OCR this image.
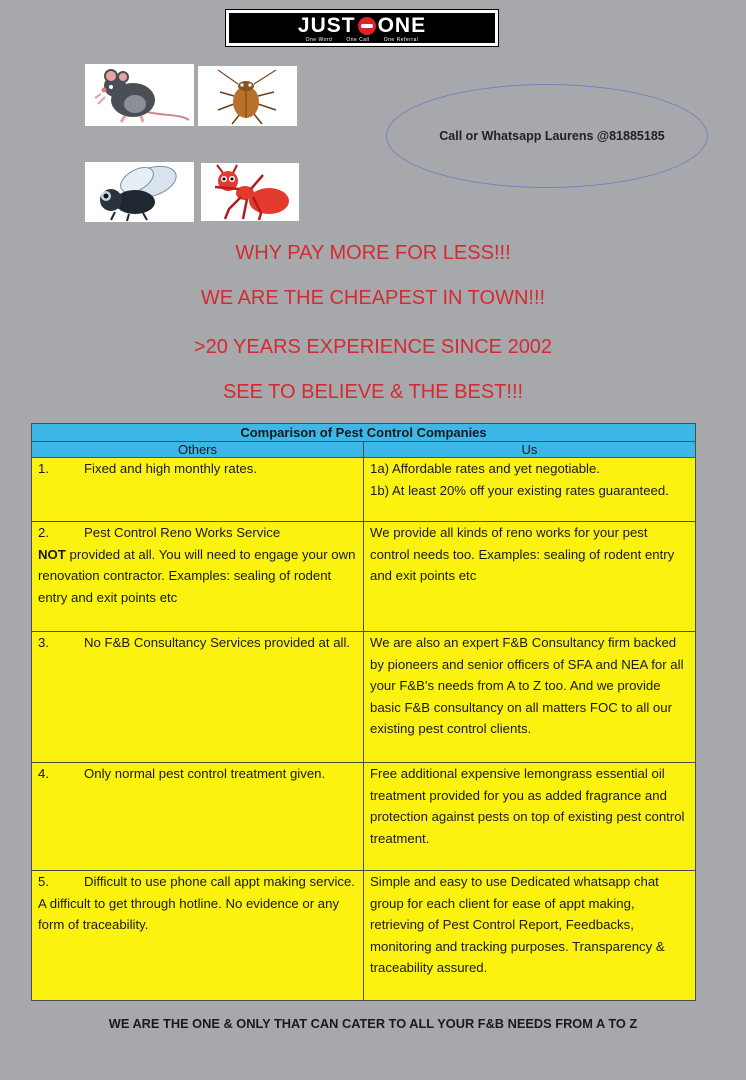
JUST ONE
One Word	One Call	One Referral
Call or Whatsapp Laurens @81885185
WHY PAY MORE FOR LESS!!!
WE ARE THE CHEAPEST IN TOWN!!!
>20 YEARS EXPERIENCE SINCE 2002
SEE TO BELIEVE & THE BEST!!!
Comparison of Pest Control Companies	
Others	Us
1. Fixed and high monthly rates.	1a) Affordable rates and yet negotiable.
1b) At least 20% off your existing rates guaranteed.

2. Pest Control Reno Works Service
NOT provided at all. You will need to engage your own renovation contractor. Examples: sealing of rodent entry and exit points etc	We provide all kinds of reno works for your pest control needs too. Examples: sealing of rodent entry and exit points etc

3. No F&B Consultancy Services provided at all.	We are also an expert F&B Consultancy firm backed by pioneers and senior officers of SFA and NEA for all your F&B's needs from A to Z too. And we provide basic F&B consultancy on all matters FOC to all our existing pest control clients.

4. Only normal pest control treatment given.	Free additional expensive lemongrass essential oil treatment provided for you as added fragrance and protection against pests on top of existing pest control treatment.

5. Difficult to use phone call appt making service. A difficult to get through hotline. No evidence or any form of traceability.	Simple and easy to use Dedicated whatsapp chat group for each client for ease of appt making, retrieving of Pest Control Report, Feedbacks, monitoring and tracking purposes. Transparency & traceability assured.
WE ARE THE ONE & ONLY THAT CAN CATER TO ALL YOUR F&B NEEDS FROM A TO Z
